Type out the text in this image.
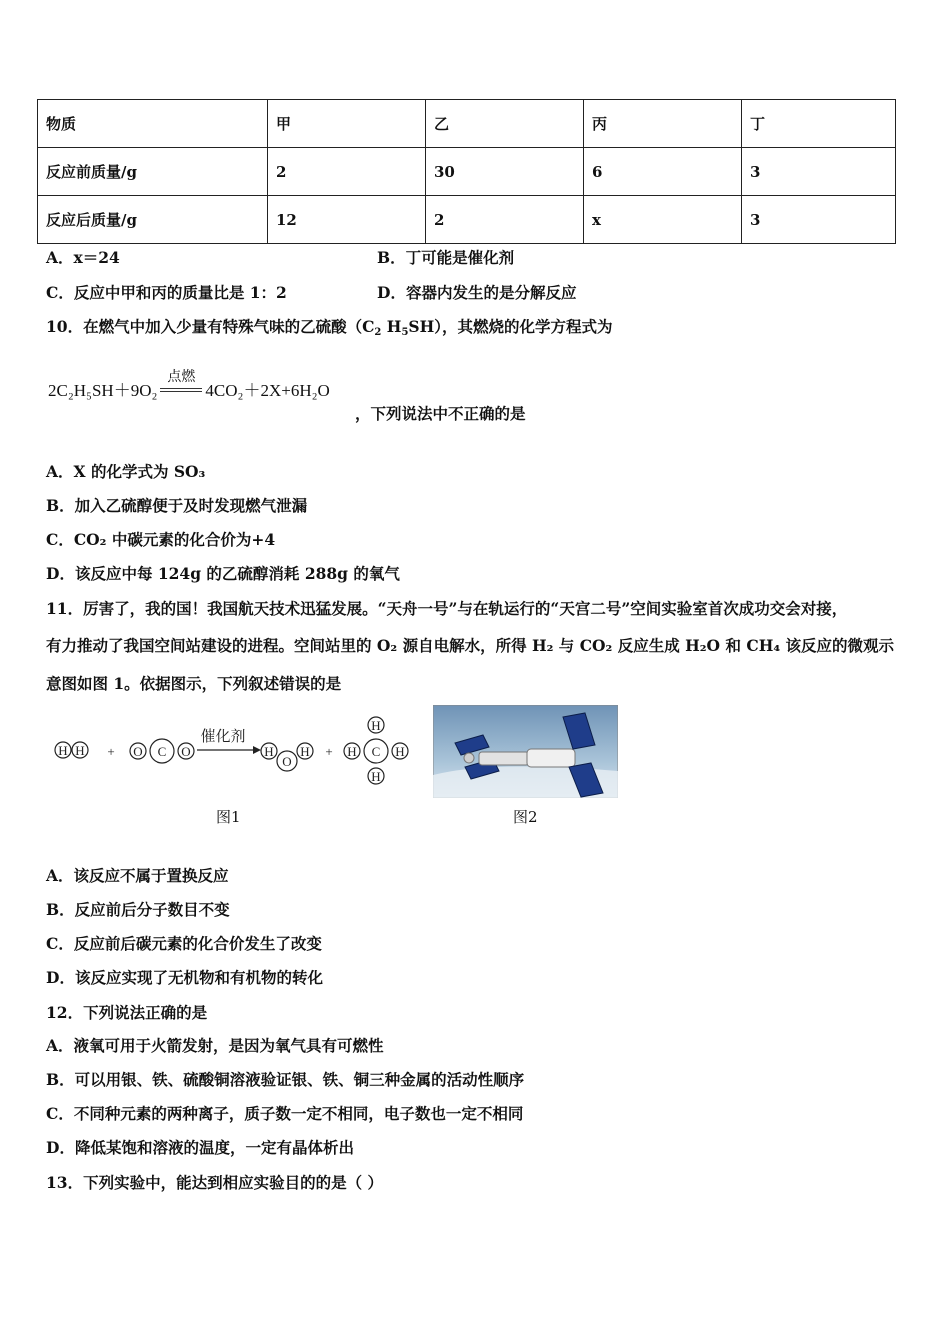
物质	甲	乙	丙	丁
反应前质量/g	2	30	6	3
反应后质量/g	12	2	x	3
A．x＝24	B．丁可能是催化剂
C．反应中甲和丙的质量比是 1：2	D．容器内发生的是分解反应
10．在燃气中加入少量有特殊气味的乙硫酸（$C_2$ $H_5SH$），其燃烧的化学方程式为
2C₂H₅SH＋9O₂
点燃
4CO₂＋2X+6H₂O
，下列说法中不正确的是
A．X 的化学式为 SO₃
B．加入乙硫醇便于及时发现燃气泄漏
C．CO₂ 中碳元素的化合价为+4
D．该反应中每 124g 的乙硫醇消耗 288g 的氧气
11．厉害了，我的国！我国航天技术迅猛发展。“天舟一号”与在轨运行的“天宫二号”空间实验室首次成功交会对接，
有力推动了我国空间站建设的进程。空间站里的 O₂ 源自电解水，所得 H₂ 与 CO₂ 反应生成 H₂O 和 CH₄ 该反应的微观示
意图如图 1。依据图示，下列叙述错误的是
H H + O C O
催化剂
H
O
H +
H
H C H
H
图1	图2
A．该反应不属于置换反应
B．反应前后分子数目不变
C．反应前后碳元素的化合价发生了改变
D．该反应实现了无机物和有机物的转化
12．下列说法正确的是
A．液氧可用于火箭发射，是因为氧气具有可燃性
B．可以用银、铁、硫酸铜溶液验证银、铁、铜三种金属的活动性顺序
C．不同种元素的两种离子，质子数一定不相同，电子数也一定不相同
D．降低某饱和溶液的温度，一定有晶体析出
13．下列实验中，能达到相应实验目的的是（ ）
